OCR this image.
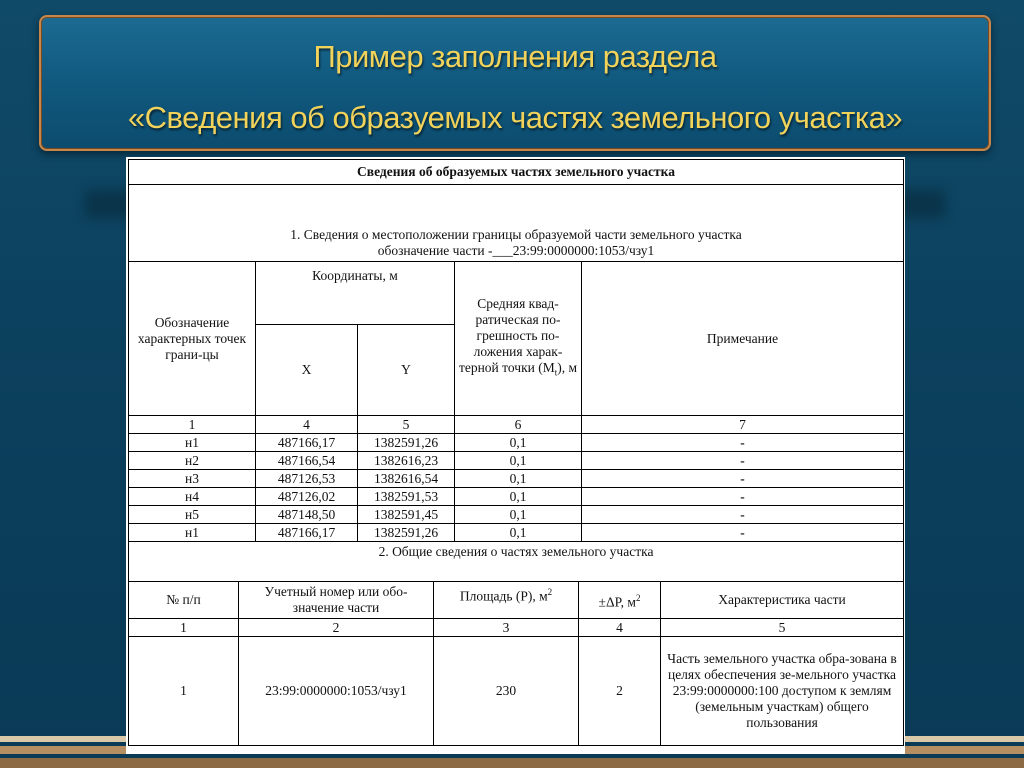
Пример заполнения раздела
«Сведения об образуемых частях земельного участка»
Сведения об образуемых частях земельного участка				

1. Сведения о местоположении границы образуемой части земельного участка
обозначение части -___23:99:0000000:1053/чзу1				

Обозначение характерных точек грани-цы	Координаты, м		Средняя квад-ратическая по-грешность по-ложения харак-терной точки $(M_t)$, м	Примечание
	X	Y		
1	4	5	6	7
н1	487166,17	1382591,26	0,1	-
н2	487166,54	1382616,23	0,1	-
н3	487126,53	1382616,54	0,1	-
н4	487126,02	1382591,53	0,1	-
н5	487148,50	1382591,45	0,1	-
н1	487166,17	1382591,26	0,1	-
2. Общие сведения о частях земельного участка				
№ п/п	Учетный номер или обо-значение части	Площадь (P), $м^2$	±ΔP, $м^2$	Характеристика части
1	2	3	4	5
1	23:99:0000000:1053/чзу1	230	2	Часть земельного участка обра-зована в целях обеспечения зе-мельного участка 23:99:0000000:100 доступом к землям (земельным участкам) общего пользования
